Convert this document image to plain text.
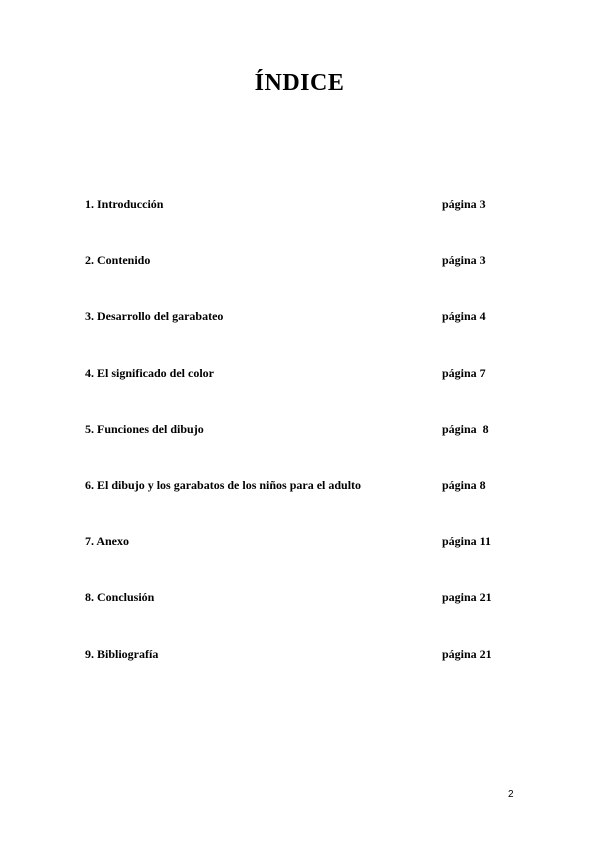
ÍNDICE
1. Introducción	página 3
2. Contenido	página 3
3. Desarrollo del garabateo	página 4
4. El significado del color	página 7
5. Funciones del dibujo	página  8
6. El dibujo y los garabatos de los niños para el adulto	página 8
7. Anexo	página 11
8. Conclusión	pagina 21
9. Bibliografía	página 21
2
